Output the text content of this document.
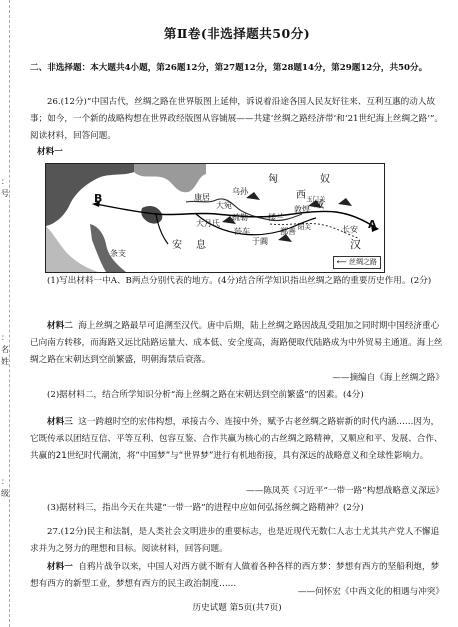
：
号
：
名
姓
：
级
第Ⅱ卷(非选择题共50分)
二、非选择题：本大题共4小题，第26题12分，第27题12分，第28题14分，第29题12分，共50分。
26.(12分)“中国古代，丝绸之路在世界版图上延伸，诉说着沿途各国人民友好往来、互利互惠的动人故事；如今，一个新的战略构想在世界政经版图从容铺展——共建‘丝绸之路经济带’和‘21世纪海上丝绸之路’”。阅读材料，回答问题。
材料一
匈	奴
B
安 息
大宛
康居
乌孙	西
域
汉
A
长安
敦煌
玉门关
阳关
大月氏
于阗
莎车
疏勒
鄯善
楼兰
条支
⟵ 丝绸之路
(1)写出材料一中A、B两点分别代表的地方。(4分)结合所学知识指出丝绸之路的重要历史作用。(2分)
材料二 海上丝绸之路最早可追溯至汉代。唐中后期，陆上丝绸之路因战乱受阻加之同时期中国经济重心已向南方转移，而海路又远比陆路运量大、成本低、安全度高，海路便取代陆路成为中外贸易主通道。海上丝绸之路在宋朝达到空前繁盛，明朝海禁后衰落。
——摘编自《海上丝绸之路》
(2)据材料二，结合所学知识分析“海上丝绸之路在宋朝达到空前繁盛”的因素。(4分)
材料三 这一跨越时空的宏伟构想，承接古今、连接中外，赋予古老丝绸之路崭新的时代内涵……因为，它既传承以团结互信、平等互利、包容互鉴、合作共赢为核心的古丝绸之路精神，又顺应和平、发展、合作、共赢的21世纪时代潮流，将“中国梦”与“世界梦”进行有机地衔接，具有深远的战略意义和全球性影响力。
——陈凤英《习近平“一带一路”构想战略意义深远》
(3)据材料三，指出今天在共建“一带一路”的进程中应如何弘扬丝绸之路精神？(2分)
27.(12分)民主和法制，是人类社会文明进步的重要标志，也是近现代无数仁人志士尤其共产党人不懈追求并为之努力的理想和目标。阅读材料，回答问题。
材料一 自鸦片战争以来，中国人对西方就不断有人做着各种各样的西方梦：梦想有西方的坚船利炮，梦想有西方的新型工业，梦想有西方的民主政治制度……
——何怀宏《中西文化的相遇与冲突》
历史试题 第5页(共7页)
